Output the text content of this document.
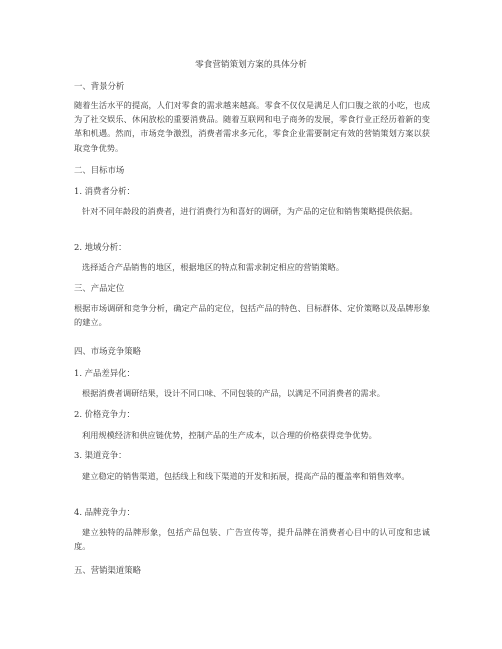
零食营销策划方案的具体分析
一、背景分析
随着生活水平的提高，人们对零食的需求越来越高。零食不仅仅是满足人们口腹之欲的小吃，也成为了社交娱乐、休闲放松的重要消费品。随着互联网和电子商务的发展，零食行业正经历着新的变革和机遇。然而，市场竞争激烈，消费者需求多元化，零食企业需要制定有效的营销策划方案以获取竞争优势。
二、目标市场
1. 消费者分析：
针对不同年龄段的消费者，进行消费行为和喜好的调研，为产品的定位和销售策略提供依据。
2. 地域分析：
选择适合产品销售的地区，根据地区的特点和需求制定相应的营销策略。
三、产品定位
根据市场调研和竞争分析，确定产品的定位，包括产品的特色、目标群体、定价策略以及品牌形象的建立。
四、市场竞争策略
1. 产品差异化：
根据消费者调研结果，设计不同口味、不同包装的产品，以满足不同消费者的需求。
2. 价格竞争力：
利用规模经济和供应链优势，控制产品的生产成本，以合理的价格获得竞争优势。
3. 渠道竞争：
建立稳定的销售渠道，包括线上和线下渠道的开发和拓展，提高产品的覆盖率和销售效率。
4. 品牌竞争力：
建立独特的品牌形象，包括产品包装、广告宣传等，提升品牌在消费者心目中的认可度和忠诚度。
五、营销渠道策略
